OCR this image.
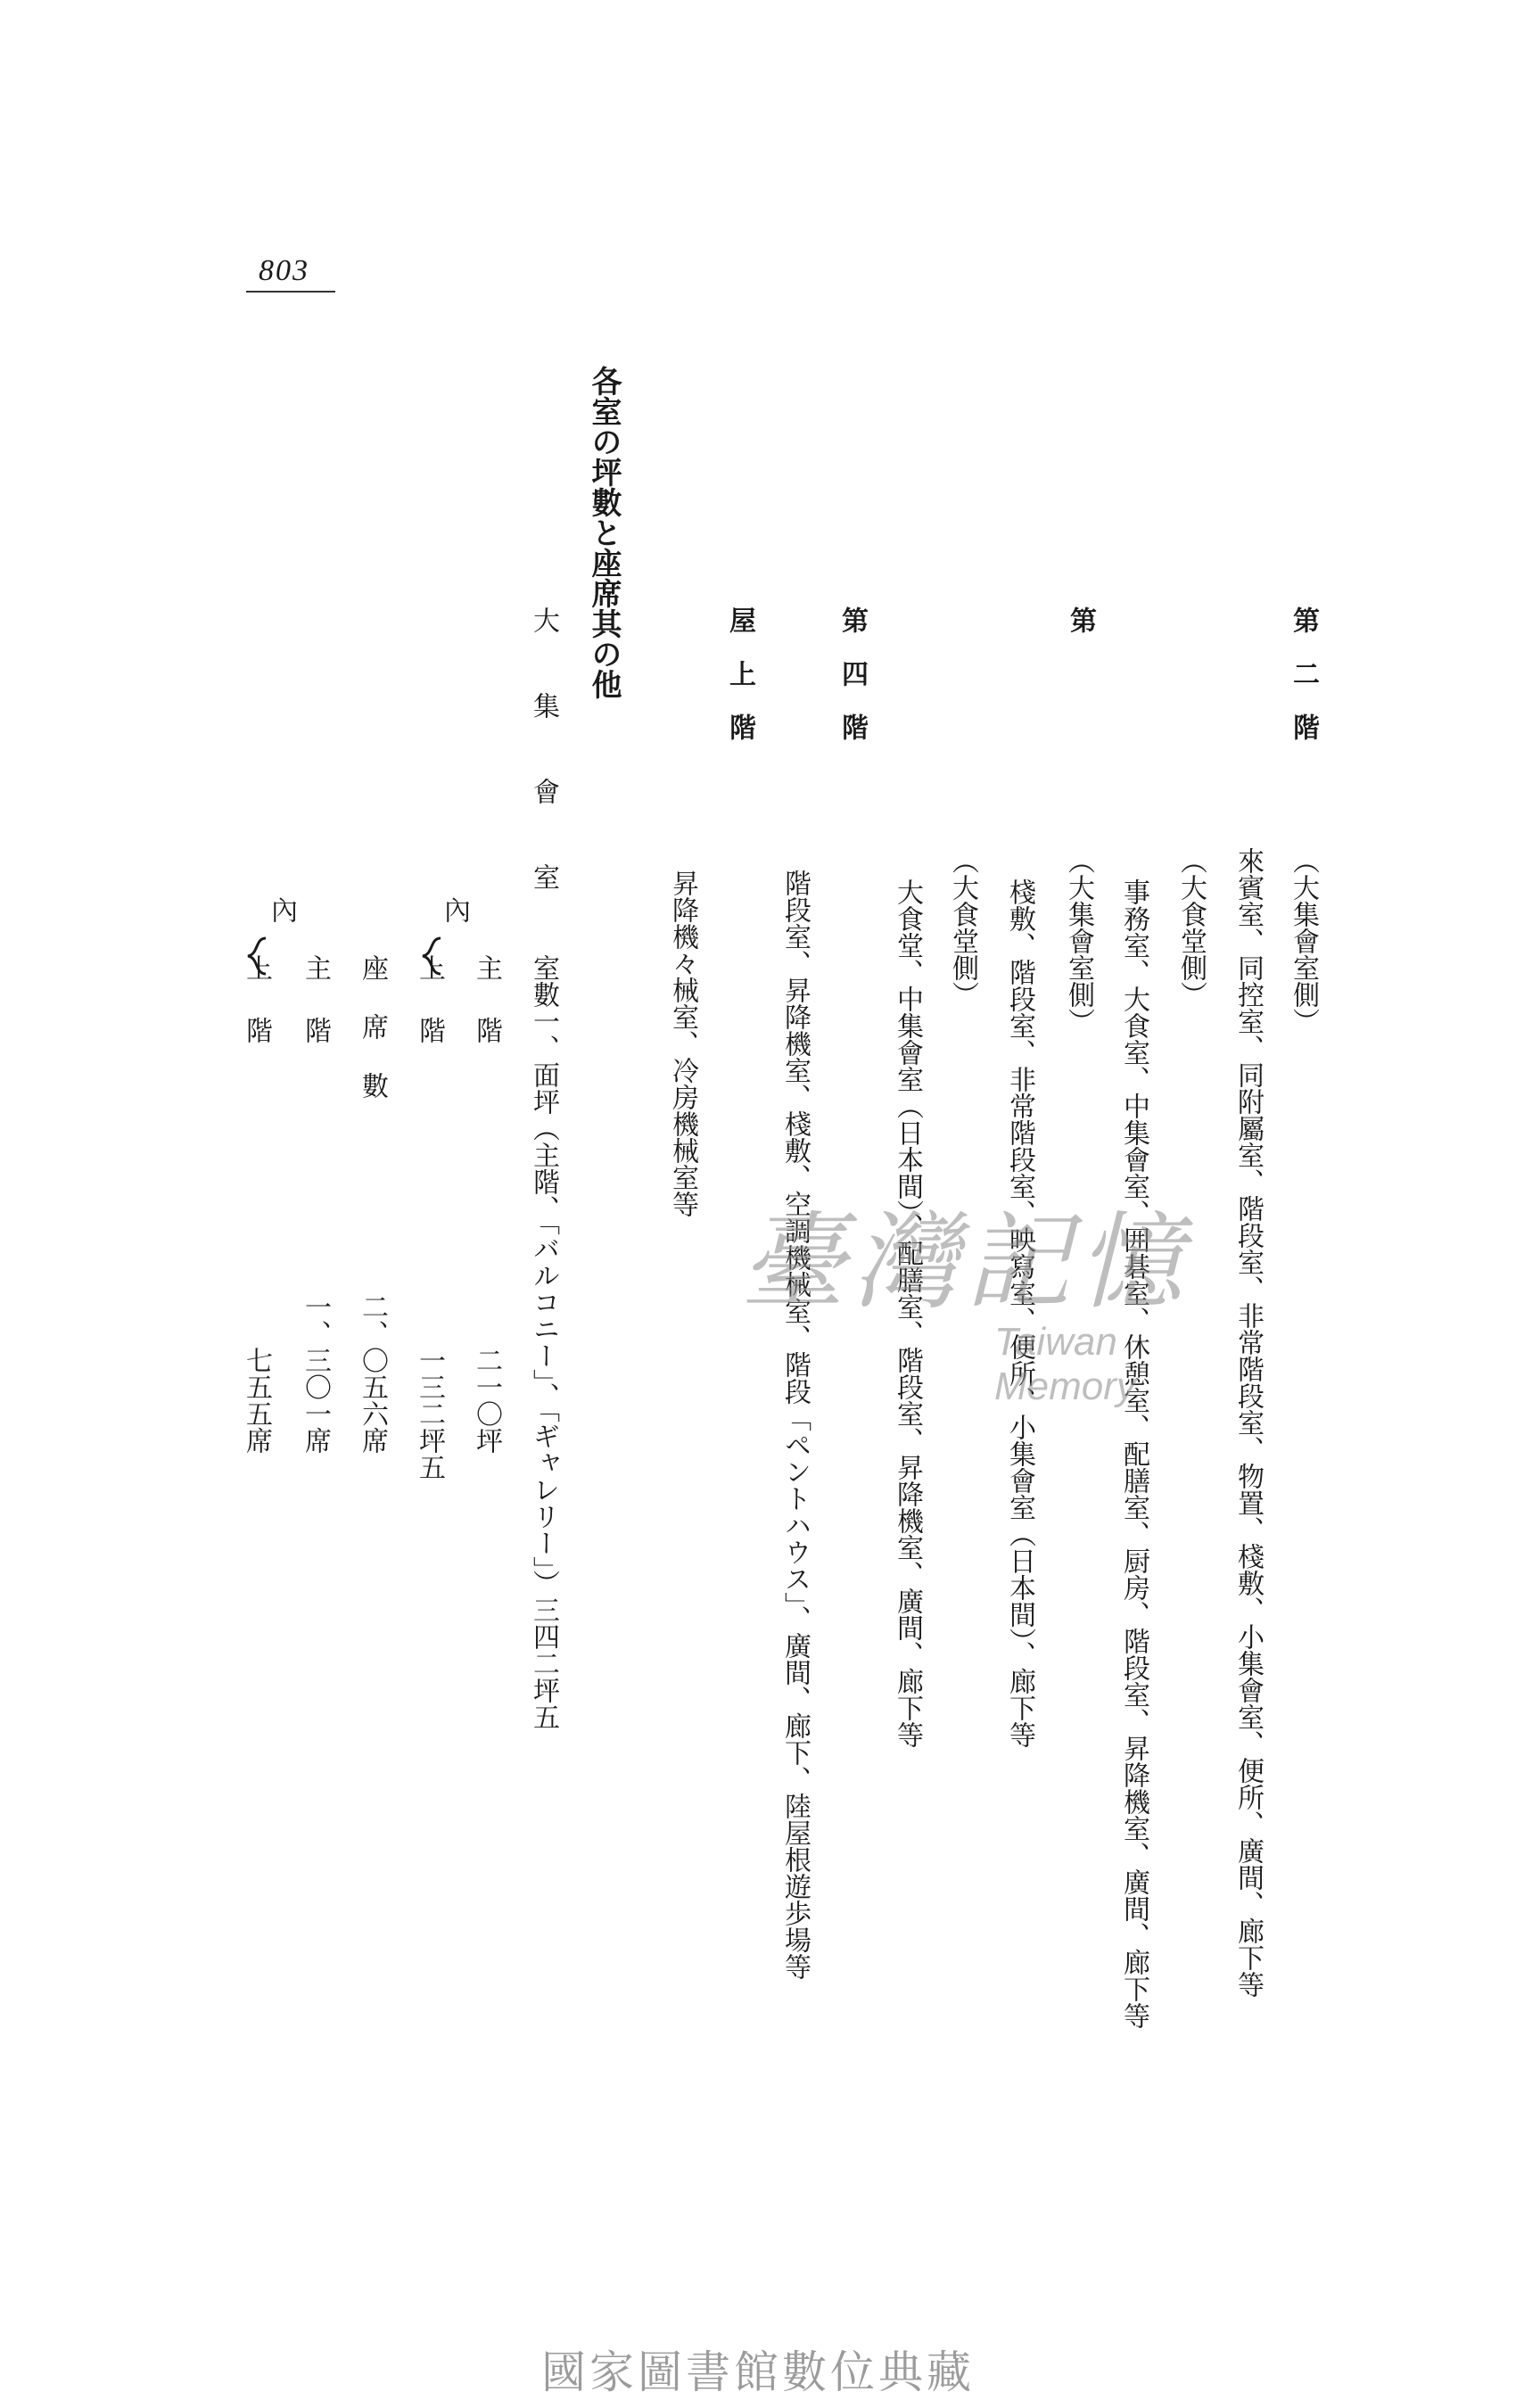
803
第　二　階
（大集會室側）
來賓室、同控室、同附屬室、階段室、非常階段室、物置、棧敷、小集會室、便所、廣間、廊下等
（大食堂側）
事務室、大食室、中集會室、囲碁室、休憩室、配膳室、厨房、階段室、昇降機室、廣間、廊下等
第
（大集會室側）
棧敷、階段室、非常階段室、映寫室、便所、小集會室（日本間）、廊下等
（大食堂側）
大食堂、中集會室（日本間）、配膳室、階段室、昇降機室、廣間、廊下等
第　四　階
階段室、昇降機室、棧敷、空調機械室、階段「ペントハウス」、廣間、廊下、陸屋根遊歩場等
屋　上　階
昇降機々械室、冷房機械室等
各室の坪數と座席其の他
大集會室
室數一、面坪（主階、「バルコニー」、「ギャレリー」）三四二坪五
主階
二一〇坪
內
上階
一三二坪五
座席數
二、〇五六席
內
主階
一、三〇一席
上階
七五五席
臺灣記憶
Taiwan Memory
國家圖書館數位典藏
